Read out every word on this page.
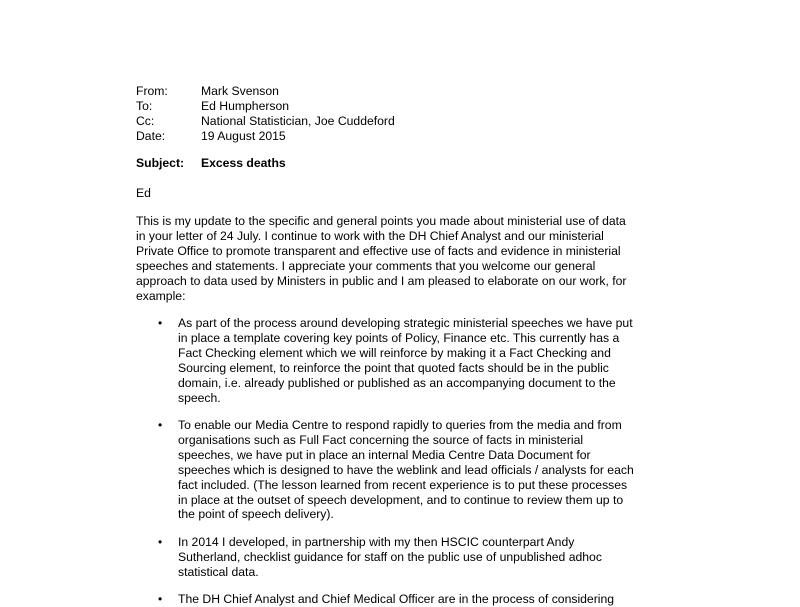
From:	Mark Svenson
To:	Ed Humpherson
Cc:	National Statistician, Joe Cuddeford
Date:	19 August 2015
Subject: Excess deaths
Ed
This is my update to the specific and general points you made about ministerial use of data
in your letter of 24 July. I continue to work with the DH Chief Analyst and our ministerial
Private Office to promote transparent and effective use of facts and evidence in ministerial
speeches and statements. I appreciate your comments that you welcome our general
approach to data used by Ministers in public and I am pleased to elaborate on our work, for
example:
• As part of the process around developing strategic ministerial speeches we have put
in place a template covering key points of Policy, Finance etc. This currently has a
Fact Checking element which we will reinforce by making it a Fact Checking and
Sourcing element, to reinforce the point that quoted facts should be in the public
domain, i.e. already published or published as an accompanying document to the
speech.
• To enable our Media Centre to respond rapidly to queries from the media and from
organisations such as Full Fact concerning the source of facts in ministerial
speeches, we have put in place an internal Media Centre Data Document for
speeches which is designed to have the weblink and lead officials / analysts for each
fact included. (The lesson learned from recent experience is to put these processes
in place at the outset of speech development, and to continue to review them up to
the point of speech delivery).
• In 2014 I developed, in partnership with my then HSCIC counterpart Andy
Sutherland, checklist guidance for staff on the public use of unpublished adhoc
statistical data.
• The DH Chief Analyst and Chief Medical Officer are in the process of considering
